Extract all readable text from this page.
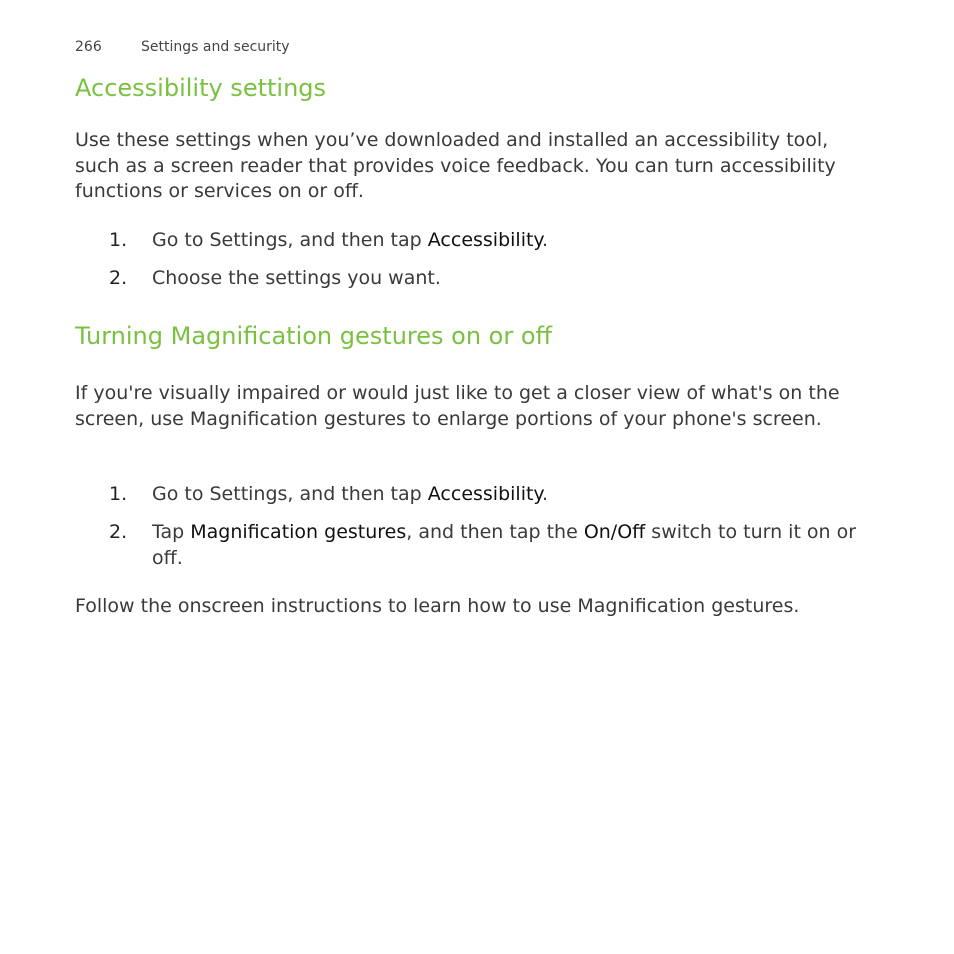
266	Settings and security
Accessibility settings

Use these settings when you’ve downloaded and installed an accessibility tool, such as a screen reader that provides voice feedback. You can turn accessibility functions or services on or off.

1.	Go to Settings, and then tap Accessibility.
2.	Choose the settings you want.
Turning Magnification gestures on or off

If you're visually impaired or would just like to get a closer view of what's on the screen, use Magnification gestures to enlarge portions of your phone's screen.

1.	Go to Settings, and then tap Accessibility.
2.	Tap Magnification gestures, and then tap the On/Off switch to turn it on or off.

Follow the onscreen instructions to learn how to use Magnification gestures.
